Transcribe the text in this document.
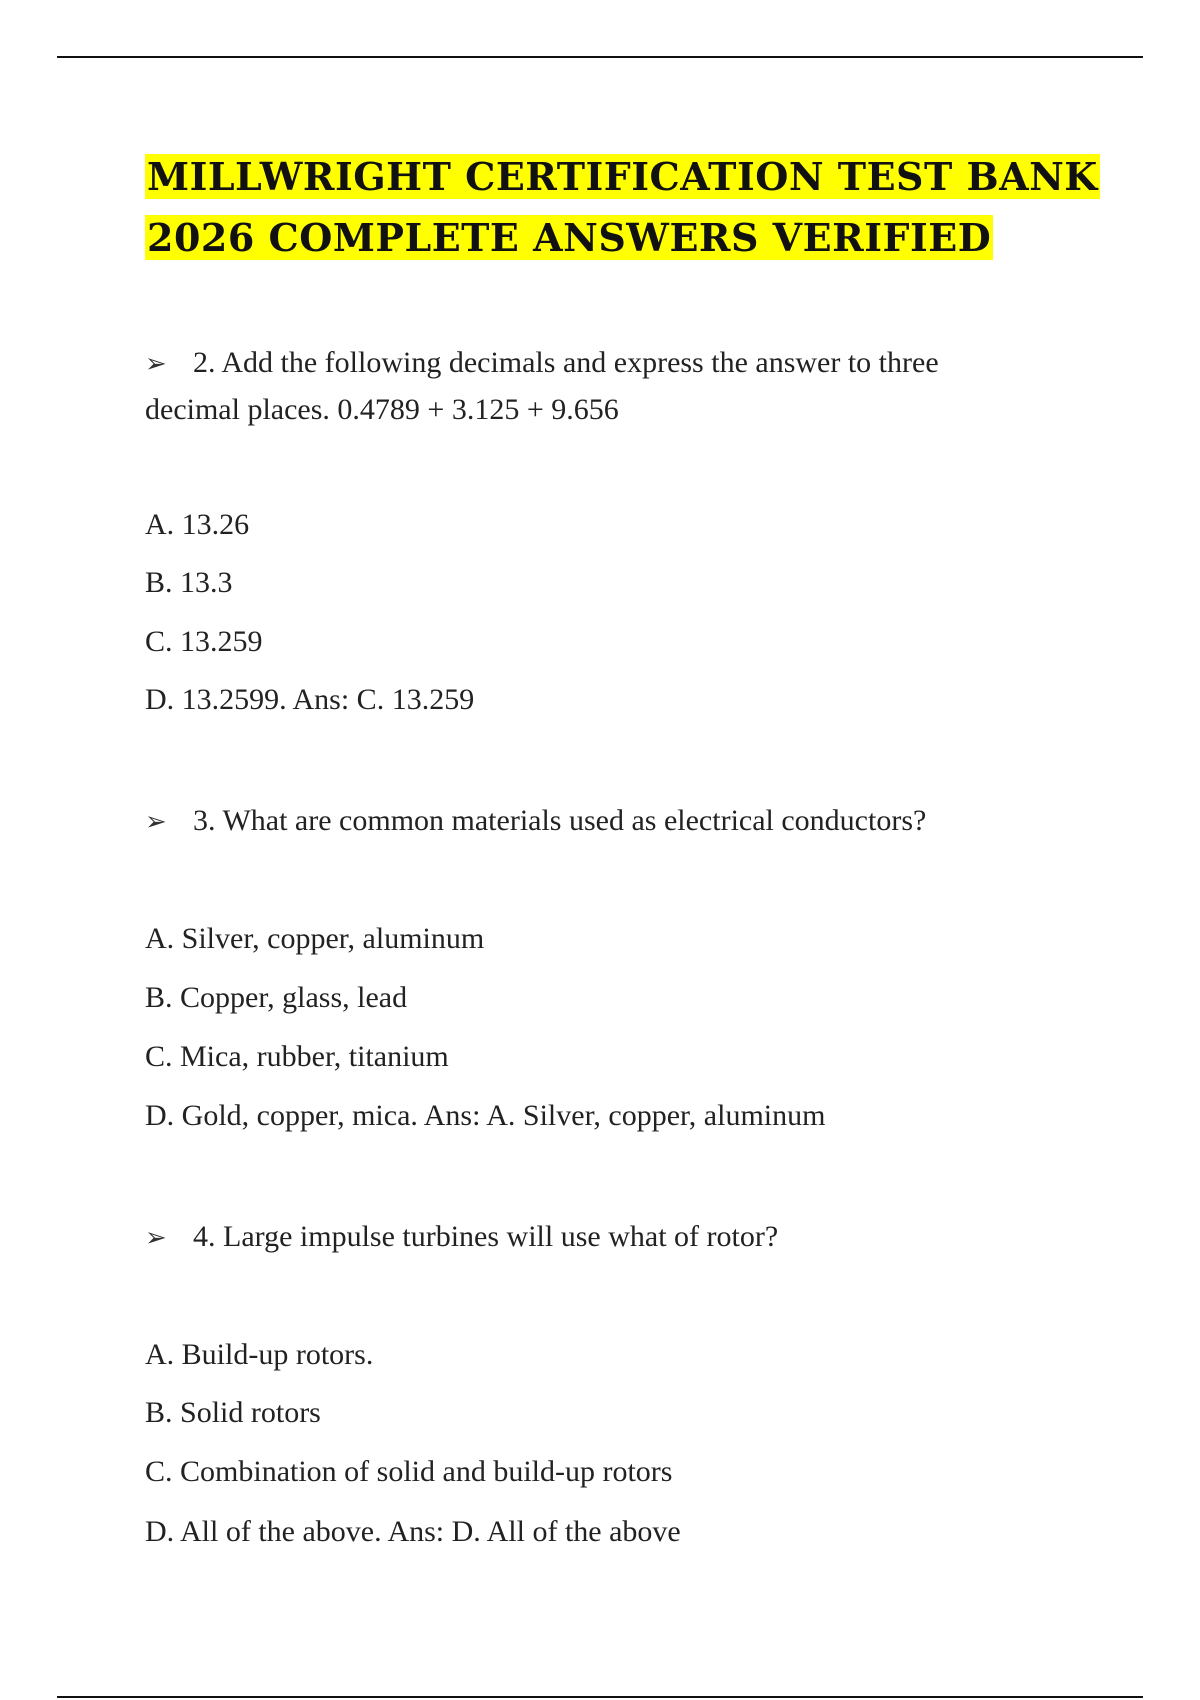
MILLWRIGHT CERTIFICATION TEST BANK
2026 COMPLETE ANSWERS VERIFIED

➢ 2. Add the following decimals and express the answer to three decimal places. 0.4789 + 3.125 + 9.656

A. 13.26

B. 13.3

C. 13.259

D. 13.2599. Ans: C. 13.259

➢ 3. What are common materials used as electrical conductors?

A. Silver, copper, aluminum

B. Copper, glass, lead

C. Mica, rubber, titanium

D. Gold, copper, mica. Ans: A. Silver, copper, aluminum

➢ 4. Large impulse turbines will use what of rotor?

A. Build-up rotors.

B. Solid rotors

C. Combination of solid and build-up rotors

D. All of the above. Ans: D. All of the above
